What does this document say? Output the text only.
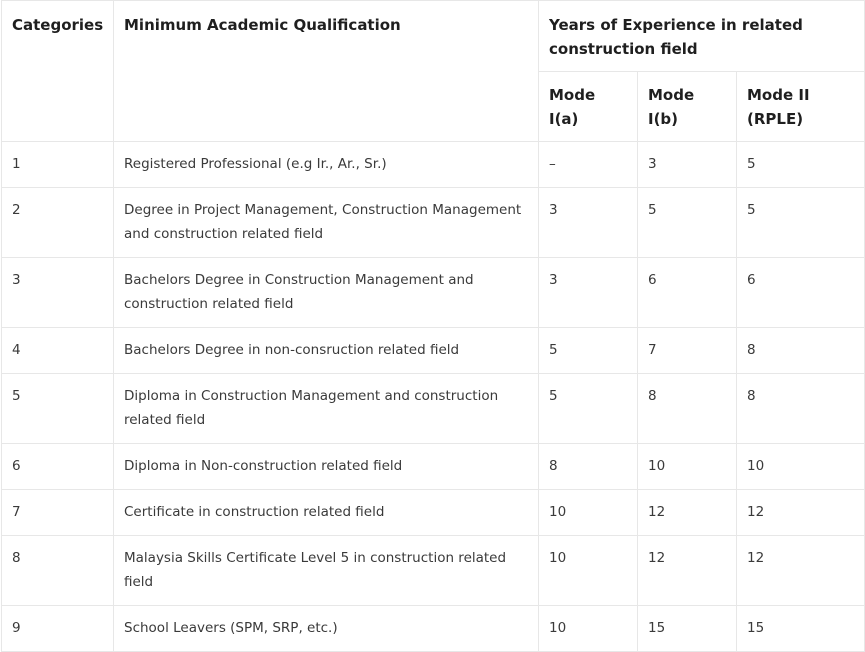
Categories	Minimum Academic Qualification	Years of Experience in related construction field		
		Mode I(a)	Mode I(b)	Mode II (RPLE)
1	Registered Professional (e.g Ir., Ar., Sr.)	–	3	5
2	Degree in Project Management, Construction Management and construction related field	3	5	5
3	Bachelors Degree in Construction Management and construction related field	3	6	6
4	Bachelors Degree in non-consruction related field	5	7	8
5	Diploma in Construction Management and construction related field	5	8	8
6	Diploma in Non-construction related field	8	10	10
7	Certificate in construction related field	10	12	12
8	Malaysia Skills Certificate Level 5 in construction related field	10	12	12
9	School Leavers (SPM, SRP, etc.)	10	15	15
